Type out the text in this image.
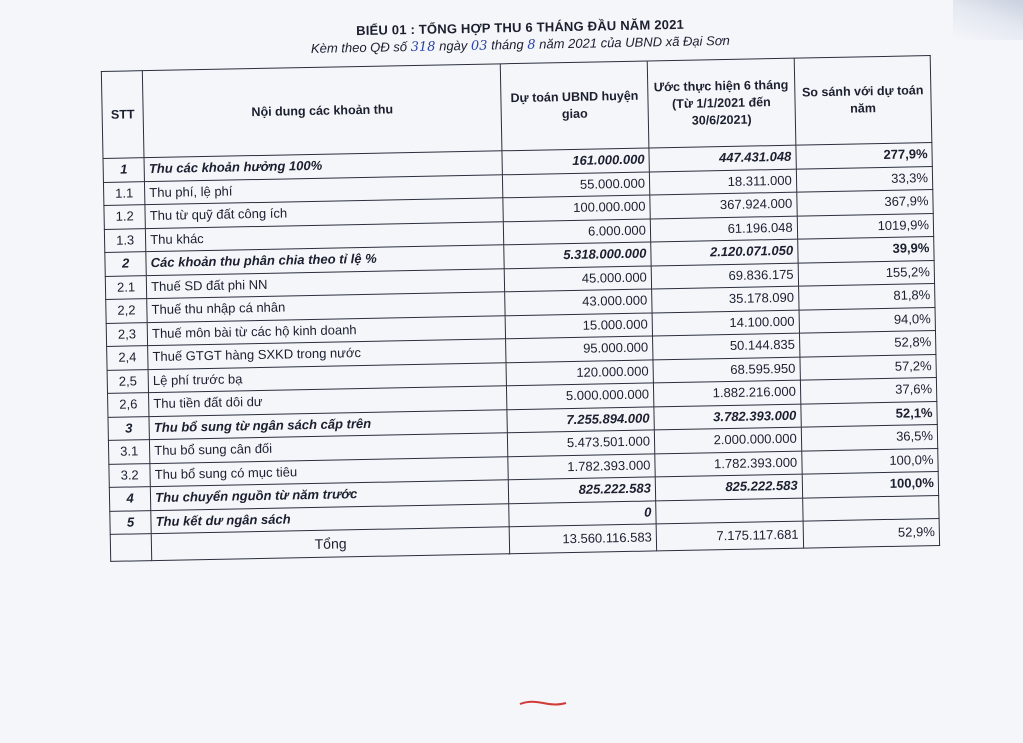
BIỂU 01 : TỔNG HỢP THU 6 THÁNG ĐẦU NĂM 2021
Kèm theo QĐ số 318 ngày 03 tháng 8 năm 2021 của UBND xã Đại Sơn
STT	Nội dung các khoản thu	Dự toán UBND huyện giao	Ước thực hiện 6 tháng (Từ 1/1/2021 đến 30/6/2021)	So sánh với dự toán năm
1	Thu các khoản hưởng 100%	161.000.000	447.431.048	277,9%
1.1	Thu phí, lệ phí	55.000.000	18.311.000	33,3%
1.2	Thu từ quỹ đất công ích	100.000.000	367.924.000	367,9%
1.3	Thu khác	6.000.000	61.196.048	1019,9%
2	Các khoản thu phân chia theo tỉ lệ %	5.318.000.000	2.120.071.050	39,9%
2.1	Thuế SD đất phi NN	45.000.000	69.836.175	155,2%
2,2	Thuế thu nhập cá nhân	43.000.000	35.178.090	81,8%
2,3	Thuế môn bài từ các hộ kinh doanh	15.000.000	14.100.000	94,0%
2,4	Thuế GTGT hàng SXKD trong nước	95.000.000	50.144.835	52,8%
2,5	Lệ phí trước bạ	120.000.000	68.595.950	57,2%
2,6	Thu tiền đất dôi dư	5.000.000.000	1.882.216.000	37,6%
3	Thu bổ sung từ ngân sách cấp trên	7.255.894.000	3.782.393.000	52,1%
3.1	Thu bổ sung cân đối	5.473.501.000	2.000.000.000	36,5%
3.2	Thu bổ sung có mục tiêu	1.782.393.000	1.782.393.000	100,0%
4	Thu chuyển nguồn từ năm trước	825.222.583	825.222.583	100,0%
5	Thu kết dư ngân sách	0		
	Tổng	13.560.116.583	7.175.117.681	52,9%
